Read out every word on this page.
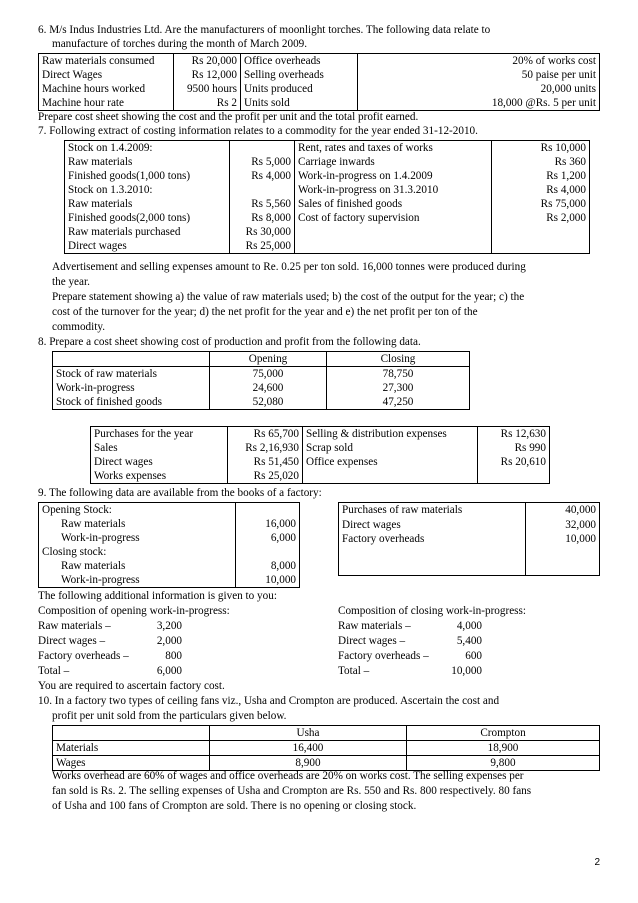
6. M/s Indus Industries Ltd. Are the manufacturers of moonlight torches. The following data relate to
manufacture of torches during the month of March 2009.
Raw materials consumed	Rs 20,000	Office overheads	20% of works cost
Direct Wages	Rs 12,000	Selling overheads	50 paise per unit
Machine hours worked	9500 hours	Units produced	20,000 units
Machine hour rate	Rs 2	Units sold	18,000 @Rs. 5 per unit
Prepare cost sheet showing the cost and the profit per unit and the total profit earned.
7. Following extract of costing information relates to a commodity for the year ended 31-12-2010.
Stock on 1.4.2009:		Rent, rates and taxes of works	Rs 10,000
Raw materials	Rs 5,000	Carriage inwards	Rs 360
Finished goods(1,000 tons)	Rs 4,000	Work-in-progress on 1.4.2009	Rs 1,200
Stock on 1.3.2010:		Work-in-progress on 31.3.2010	Rs 4,000
Raw materials	Rs 5,560	Sales of finished goods	Rs 75,000
Finished goods(2,000 tons)	Rs 8,000	Cost of factory supervision	Rs 2,000
Raw materials purchased	Rs 30,000		
Direct wages	Rs 25,000		
Advertisement and selling expenses amount to Re. 0.25 per ton sold. 16,000 tonnes were produced during
the year.
Prepare statement showing a) the value of raw materials used; b) the cost of the output for the year; c) the
cost of the turnover for the year; d) the net profit for the year and e) the net profit per ton of the
commodity.
8. Prepare a cost sheet showing cost of production and profit from the following data.
	Opening	Closing
Stock of raw materials	75,000	78,750
Work-in-progress	24,600	27,300
Stock of finished goods	52,080	47,250
Purchases for the year	Rs 65,700	Selling & distribution expenses	Rs 12,630
Sales	Rs 2,16,930	Scrap sold	Rs 990
Direct wages	Rs 51,450	Office expenses	Rs 20,610
Works expenses	Rs 25,020		
9. The following data are available from the books of a factory:
Opening Stock:	
Raw materials	16,000
Work-in-progress	6,000
Closing stock:	
Raw materials	8,000
Work-in-progress	10,000
Purchases of raw materials	40,000
Direct wages	32,000
Factory overheads	10,000

The following additional information is given to you:
Composition of opening work-in-progress:	Composition of closing work-in-progress:
Raw materials –	3,200
Direct wages –	2,000
Factory overheads –	800
Total –	6,000
Raw materials –	4,000
Direct wages –	5,400
Factory overheads –	600
Total –	10,000
You are required to ascertain factory cost.
10. In a factory two types of ceiling fans viz., Usha and Crompton are produced. Ascertain the cost and
profit per unit sold from the particulars given below.
	Usha	Crompton
Materials	16,400	18,900
Wages	8,900	9,800
Works overhead are 60% of wages and office overheads are 20% on works cost. The selling expenses per
fan sold is Rs. 2. The selling expenses of Usha and Crompton are Rs. 550 and Rs. 800 respectively. 80 fans
of Usha and 100 fans of Crompton are sold. There is no opening or closing stock.
2
